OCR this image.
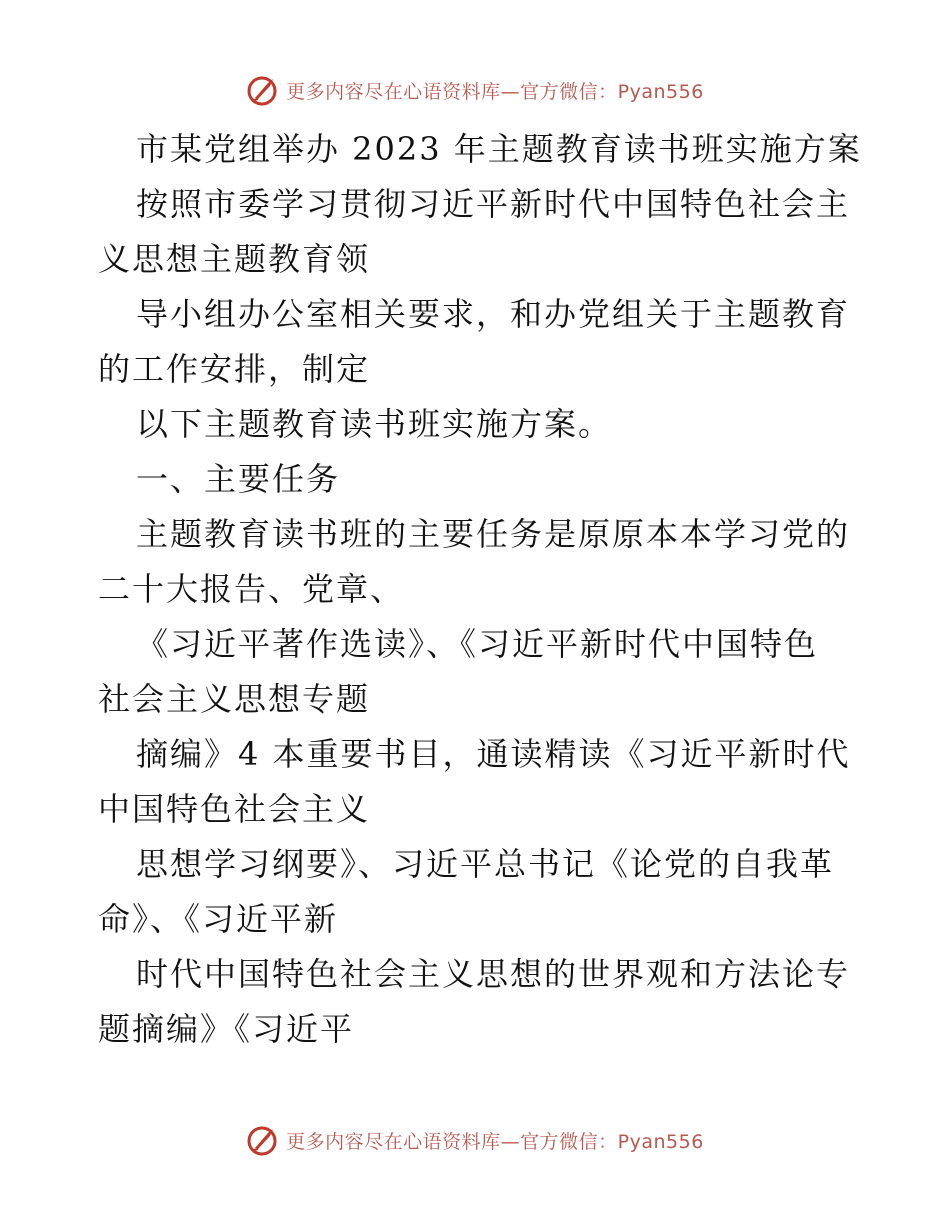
更多内容尽在心语资料库—官方微信：Pyan556
市某党组举办 2023 年主题教育读书班实施方案
按照市委学习贯彻习近平新时代中国特色社会主
义思想主题教育领
导小组办公室相关要求，和办党组关于主题教育
的工作安排，制定
以下主题教育读书班实施方案。
一、主要任务
主题教育读书班的主要任务是原原本本学习党的
二十大报告、党章、
《习近平著作选读》、《习近平新时代中国特色
社会主义思想专题
摘编》4 本重要书目，通读精读《习近平新时代
中国特色社会主义
思想学习纲要》、习近平总书记《论党的自我革
命》、《习近平新
时代中国特色社会主义思想的世界观和方法论专
题摘编》《习近平
更多内容尽在心语资料库—官方微信：Pyan556
